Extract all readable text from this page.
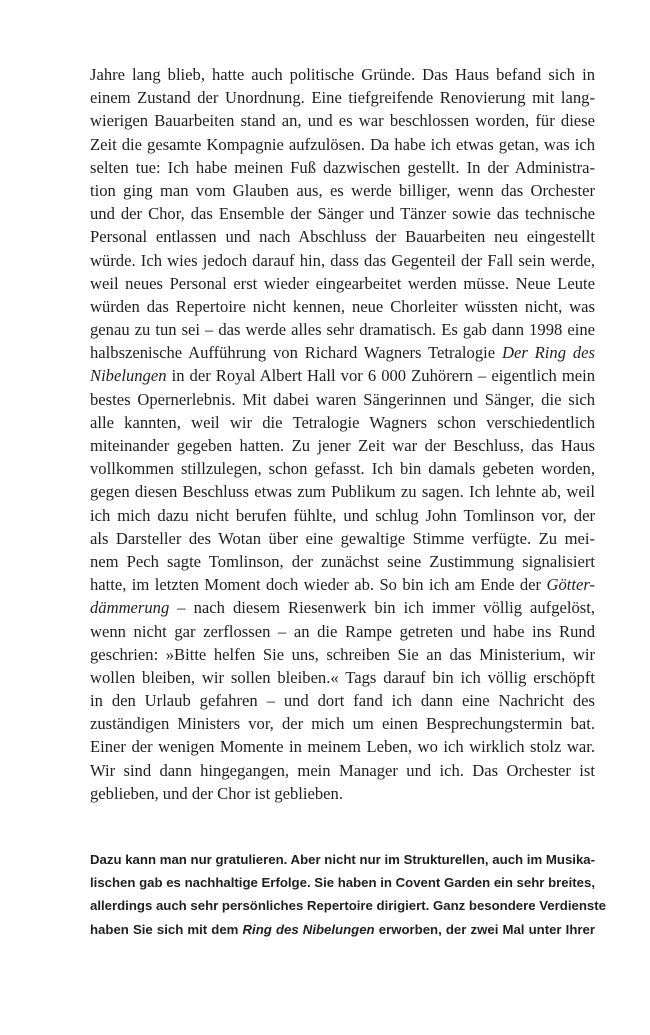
Jahre lang blieb, hatte auch politische Gründe. Das Haus befand sich in
einem Zustand der Unordnung. Eine tiefgreifende Renovierung mit lang-
wierigen Bauarbeiten stand an, und es war beschlossen worden, für diese
Zeit die gesamte Kompagnie aufzulösen. Da habe ich etwas getan, was ich
selten tue: Ich habe meinen Fuß dazwischen gestellt. In der Administra-
tion ging man vom Glauben aus, es werde billiger, wenn das Orchester
und der Chor, das Ensemble der Sänger und Tänzer sowie das technische
Personal entlassen und nach Abschluss der Bauarbeiten neu eingestellt
würde. Ich wies jedoch darauf hin, dass das Gegenteil der Fall sein werde,
weil neues Personal erst wieder eingearbeitet werden müsse. Neue Leute
würden das Repertoire nicht kennen, neue Chorleiter wüssten nicht, was
genau zu tun sei – das werde alles sehr dramatisch. Es gab dann 1998 eine
halbszenische Aufführung von Richard Wagners Tetralogie Der Ring des
Nibelungen in der Royal Albert Hall vor 6 000 Zuhörern – eigentlich mein
bestes Opernerlebnis. Mit dabei waren Sängerinnen und Sänger, die sich
alle kannten, weil wir die Tetralogie Wagners schon verschiedentlich
miteinander gegeben hatten. Zu jener Zeit war der Beschluss, das Haus
vollkommen stillzulegen, schon gefasst. Ich bin damals gebeten worden,
gegen diesen Beschluss etwas zum Publikum zu sagen. Ich lehnte ab, weil
ich mich dazu nicht berufen fühlte, und schlug John Tomlinson vor, der
als Darsteller des Wotan über eine gewaltige Stimme verfügte. Zu mei-
nem Pech sagte Tomlinson, der zunächst seine Zustimmung signalisiert
hatte, im letzten Moment doch wieder ab. So bin ich am Ende der Götter-
dämmerung – nach diesem Riesenwerk bin ich immer völlig aufgelöst,
wenn nicht gar zerflossen – an die Rampe getreten und habe ins Rund
geschrien: »Bitte helfen Sie uns, schreiben Sie an das Ministerium, wir
wollen bleiben, wir sollen bleiben.« Tags darauf bin ich völlig erschöpft
in den Urlaub gefahren – und dort fand ich dann eine Nachricht des
zuständigen Ministers vor, der mich um einen Besprechungstermin bat.
Einer der wenigen Momente in meinem Leben, wo ich wirklich stolz war.
Wir sind dann hingegangen, mein Manager und ich. Das Orchester ist
geblieben, und der Chor ist geblieben.
Dazu kann man nur gratulieren. Aber nicht nur im Strukturellen, auch im Musika-
lischen gab es nachhaltige Erfolge. Sie haben in Covent Garden ein sehr breites,
allerdings auch sehr persönliches Repertoire dirigiert. Ganz besondere Verdienste
haben Sie sich mit dem Ring des Nibelungen erworben, der zwei Mal unter Ihrer
